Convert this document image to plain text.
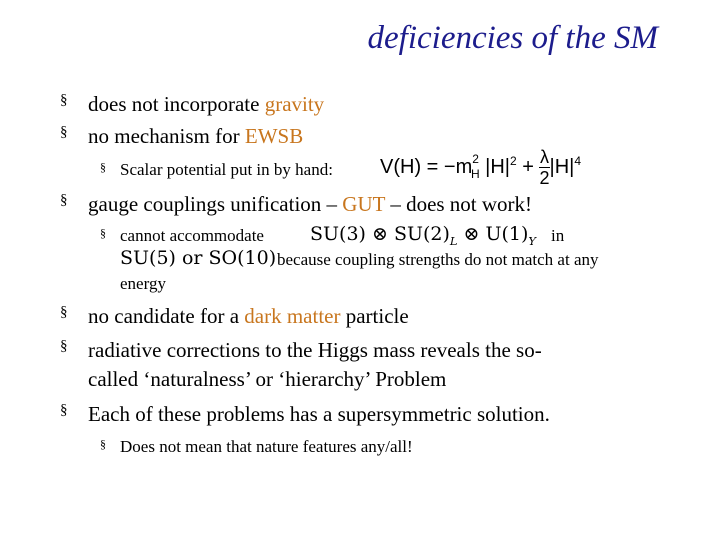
deficiencies of the SM
§ does not incorporate gravity
§ no mechanism for EWSB
§ Scalar potential put in by hand: $V(H) = -m^2_H$ $|H|^2 + \frac{\lambda}{2} |H|^4$
§ gauge couplings unification – GUT – does not work!
§ cannot accommodate SU(3) ⊗ $SU(2)_L$ ⊗ $U(1)_Y$ in
SU(5) or SO(10) because coupling strengths do not match at any
energy
§ no candidate for a dark matter particle
§ radiative corrections to the Higgs mass reveals the so-
called ‘naturalness’ or ‘hierarchy’ Problem
§ Each of these problems has a supersymmetric solution.
§ Does not mean that nature features any/all!
